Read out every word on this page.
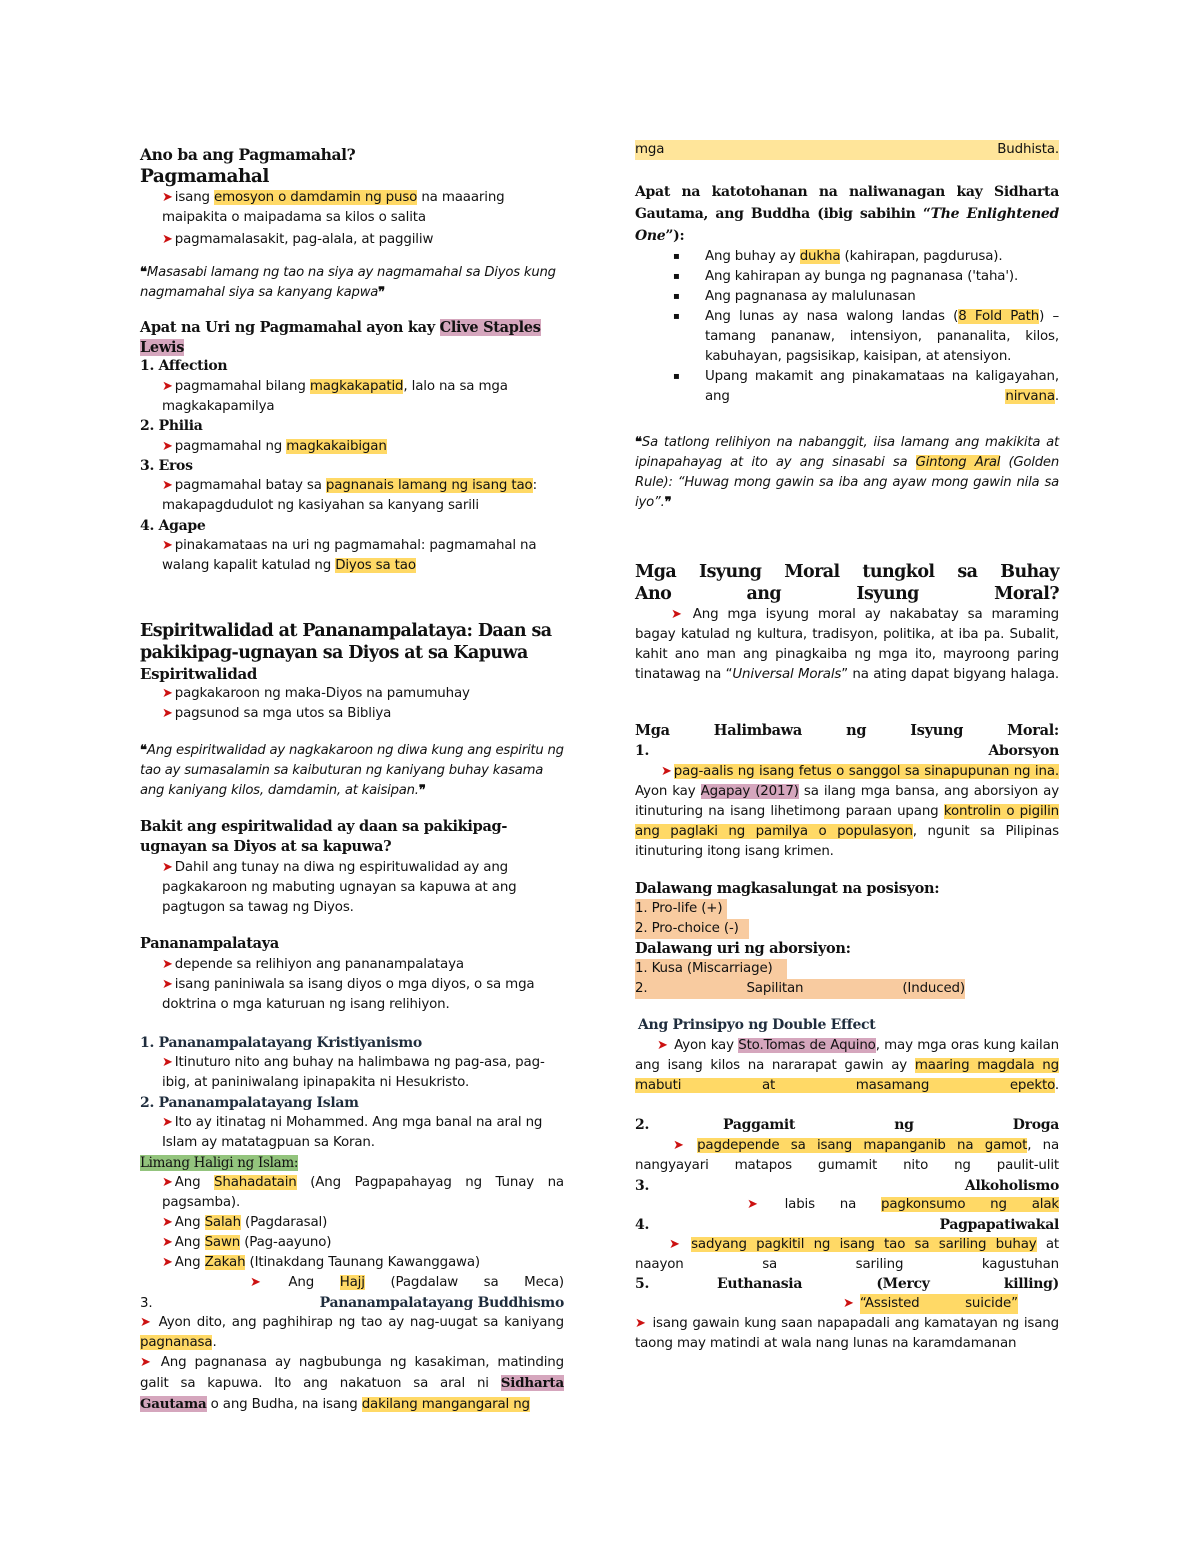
Ano ba ang Pagmamahal?
Pagmamahal
➤ isang emosyon o damdamin ng puso na maaaring maipakita o maipadama sa kilos o salita
➤ pagmamalasakit, pag-alala, at paggiliw
❝Masasabi lamang ng tao na siya ay nagmamahal sa Diyos kung nagmamahal siya sa kanyang kapwa❞
Apat na Uri ng Pagmamahal ayon kay Clive Staples
Lewis
1. Affection
➤ pagmamahal bilang magkakapatid, lalo na sa mga magkakapamilya
2. Philia
➤ pagmamahal ng magkakaibigan
3. Eros
➤ pagmamahal batay sa pagnanais lamang ng isang tao: makapagdudulot ng kasiyahan sa kanyang sarili
4. Agape
➤ pinakamataas na uri ng pagmamahal: pagmamahal na walang kapalit katulad ng Diyos sa tao
Espiritwalidad at Pananampalataya: Daan sa pakikipag-ugnayan sa Diyos at sa Kapuwa
Espiritwalidad
➤ pagkakaroon ng maka-Diyos na pamumuhay
➤ pagsunod sa mga utos sa Bibliya
❝Ang espiritwalidad ay nagkakaroon ng diwa kung ang espiritu ng tao ay sumasalamin sa kaibuturan ng kaniyang buhay kasama ang kaniyang kilos, damdamin, at kaisipan.❞
Bakit ang espiritwalidad ay daan sa pakikipag-ugnayan sa Diyos at sa kapuwa?
➤ Dahil ang tunay na diwa ng espirituwalidad ay ang pagkakaroon ng mabuting ugnayan sa kapuwa at ang pagtugon sa tawag ng Diyos.
Pananampalataya
➤ depende sa relihiyon ang pananampalataya
➤ isang paniniwala sa isang diyos o mga diyos, o sa mga doktrina o mga katuruan ng isang relihiyon.
1. Pananampalatayang Kristiyanismo
➤ Itinuturo nito ang buhay na halimbawa ng pag-asa, pag-ibig, at paniniwalang ipinapakita ni Hesukristo.
2. Pananampalatayang Islam
➤ Ito ay itinatag ni Mohammed. Ang mga banal na aral ng Islam ay matatagpuan sa Koran.
Limang Haligi ng Islam:
➤ Ang Shahadatain (Ang Pagpapahayag ng Tunay na pagsamba).
➤ Ang Salah (Pagdarasal)
➤ Ang Sawn (Pag-aayuno)
➤ Ang Zakah (Itinakdang Taunang Kawanggawa)
➤ Ang Hajj (Pagdalaw sa Meca)
3.	Pananampalatayang Buddhismo
➤ Ayon dito, ang paghihirap ng tao ay nag-uugat sa kaniyang pagnanasa.
➤ Ang pagnanasa ay nagbubunga ng kasakiman, matinding galit sa kapuwa. Ito ang nakatuon sa aral ni Sidharta Gautama o ang Budha, na isang dakilang mangangaral ng
mga	Budhista.
Apat na katotohanan na naliwanagan kay Sidharta Gautama, ang Buddha (ibig sabihin “The Enlightened One”):
▪ Ang buhay ay dukha (kahirapan, pagdurusa).
▪ Ang kahirapan ay bunga ng pagnanasa ('taha').
▪ Ang pagnanasa ay malulunasan
▪ Ang lunas ay nasa walong landas (8 Fold Path) – tamang pananaw, intensiyon, pananalita, kilos, kabuhayan, pagsisikap, kaisipan, at atensiyon.
▪ Upang makamit ang pinakamataas na kaligayahan, ang nirvana.
❝Sa tatlong relihiyon na nabanggit, iisa lamang ang makikita at ipinapahayag at ito ay ang sinasabi sa Gintong Aral (Golden Rule): “Huwag mong gawin sa iba ang ayaw mong gawin nila sa iyo”.❞
Mga Isyung Moral tungkol sa Buhay
Ano ang Isyung Moral?
➤ Ang mga isyung moral ay nakabatay sa maraming bagay katulad ng kultura, tradisyon, politika, at iba pa. Subalit, kahit ano man ang pinagkaiba ng mga ito, mayroong paring tinatawag na “Universal Morals” na ating dapat bigyang halaga.
Mga Halimbawa ng Isyung Moral:
1.	Aborsyon
➤ pag-aalis ng isang fetus o sanggol sa sinapupunan ng ina. Ayon kay Agapay (2017) sa ilang mga bansa, ang aborsiyon ay itinuturing na isang lihetimong paraan upang kontrolin o pigilin ang paglaki ng pamilya o populasyon, ngunit sa Pilipinas itinuturing itong isang krimen.
Dalawang magkasalungat na posisyon:
1. Pro-life (+)
2. Pro-choice (-)
Dalawang uri ng aborsiyon:
1. Kusa (Miscarriage)
2.	Sapilitan	(Induced)
Ang Prinsipyo ng Double Effect
➤ Ayon kay Sto.Tomas de Aquino, may mga oras kung kailan ang isang kilos na nararapat gawin ay maaring magdala ng mabuti at masamang epekto.
2.	Paggamit ng Droga
➤ pagdepende sa isang mapanganib na gamot, na nangyayari matapos gumamit nito ng paulit-ulit
3.	Alkoholismo
➤ labis na pagkonsumo ng alak
4.	Pagpapatiwakal
➤ sadyang pagkitil ng isang tao sa sariling buhay at naayon sa sariling kagustuhan
5.	Euthanasia (Mercy killing)
➤ “Assisted suicide”
➤ isang gawain kung saan napapadali ang kamatayan ng isang taong may matindi at wala nang lunas na karamdamanan
